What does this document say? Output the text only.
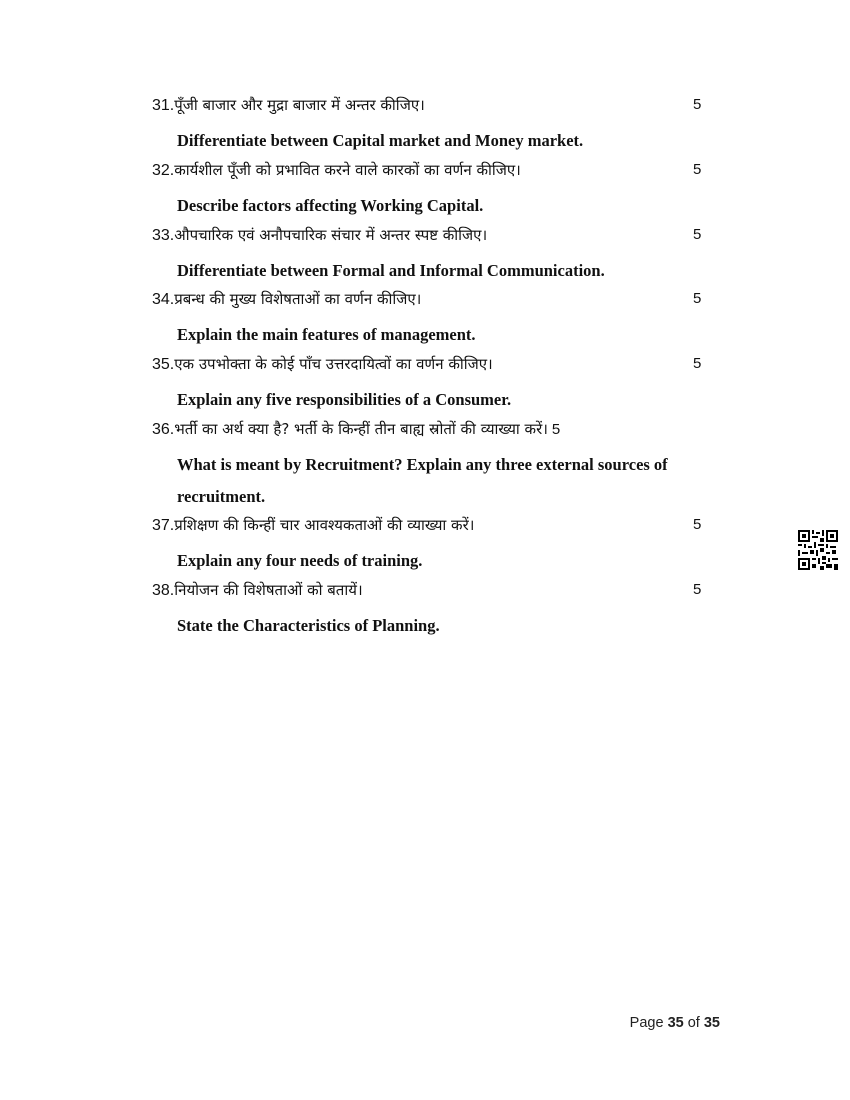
31.पूँजी बाजार और मुद्रा बाजार में अन्तर कीजिए।	5
Differentiate between Capital market and Money market.
32.कार्यशील पूँजी को प्रभावित करने वाले कारकों का वर्णन कीजिए।	5
Describe factors affecting Working Capital.
33.औपचारिक एवं अनौपचारिक संचार में अन्तर स्पष्ट कीजिए।	5
Differentiate between Formal and Informal Communication.
34.प्रबन्ध की मुख्य विशेषताओं का वर्णन कीजिए।	5
Explain the main features of management.
35.एक उपभोक्ता के कोई पाँच उत्तरदायित्वों का वर्णन कीजिए।	5
Explain any five responsibilities of a Consumer.
36.भर्ती का अर्थ क्या है? भर्ती के किन्हीं तीन बाह्य स्रोतों की व्याख्या करें। 5
What is meant by Recruitment? Explain any three external sources of recruitment.
37.प्रशिक्षण की किन्हीं चार आवश्यकताओं की व्याख्या करें।	5
Explain any four needs of training.
38.नियोजन की विशेषताओं को बतायें।	5
State the Characteristics of Planning.
Page 35 of 35
